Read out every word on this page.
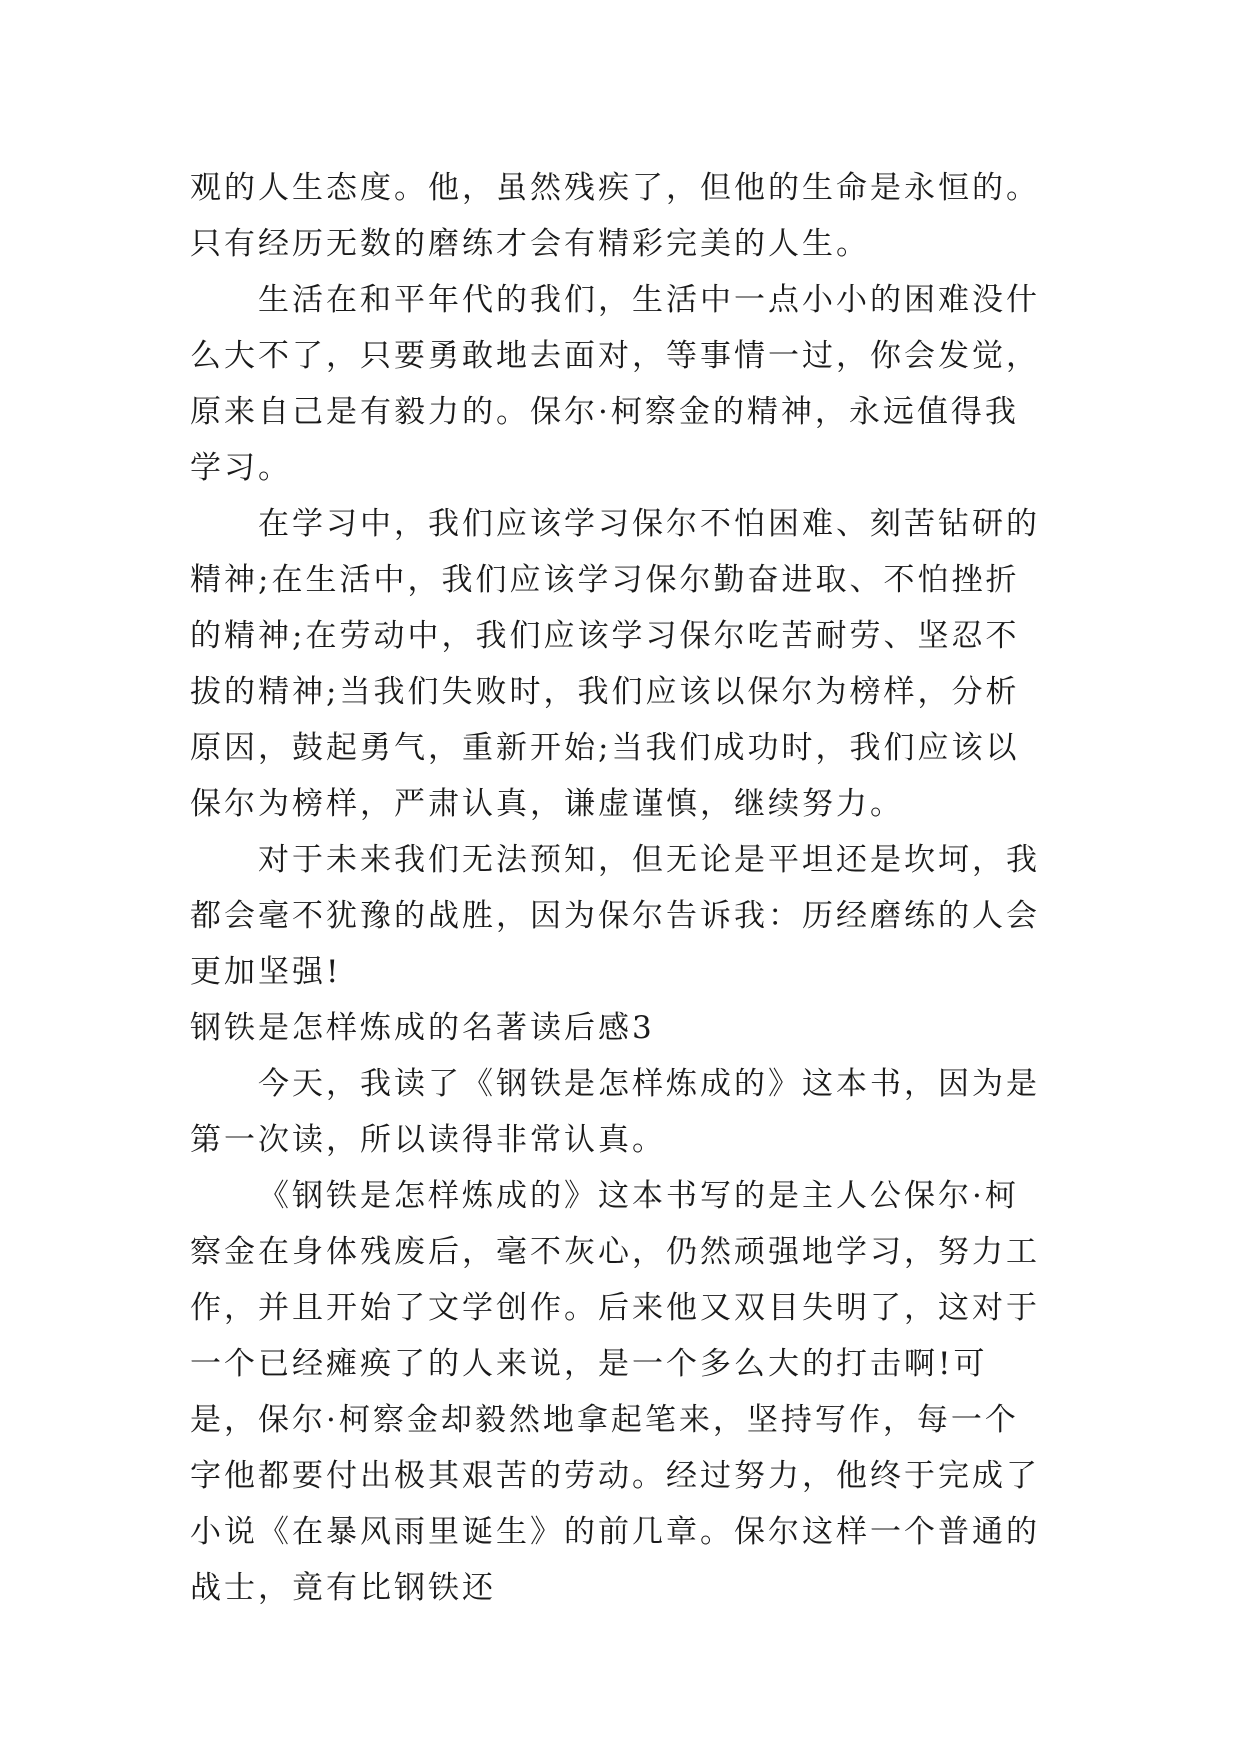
观的人生态度。他，虽然残疾了，但他的生命是永恒的。只有经历无数的磨练才会有精彩完美的人生。

生活在和平年代的我们，生活中一点小小的困难没什么大不了，只要勇敢地去面对，等事情一过，你会发觉，原来自己是有毅力的。保尔·柯察金的精神，永远值得我学习。

在学习中，我们应该学习保尔不怕困难、刻苦钻研的精神;在生活中，我们应该学习保尔勤奋进取、不怕挫折的精神;在劳动中，我们应该学习保尔吃苦耐劳、坚忍不拔的精神;当我们失败时，我们应该以保尔为榜样，分析原因，鼓起勇气，重新开始;当我们成功时，我们应该以保尔为榜样，严肃认真，谦虚谨慎，继续努力。

对于未来我们无法预知，但无论是平坦还是坎坷，我都会毫不犹豫的战胜，因为保尔告诉我：历经磨练的人会更加坚强!

钢铁是怎样炼成的名著读后感3

今天，我读了《钢铁是怎样炼成的》这本书，因为是第一次读，所以读得非常认真。

《钢铁是怎样炼成的》这本书写的是主人公保尔·柯察金在身体残废后，毫不灰心，仍然顽强地学习，努力工作，并且开始了文学创作。后来他又双目失明了，这对于一个已经瘫痪了的人来说，是一个多么大的打击啊!可是，保尔·柯察金却毅然地拿起笔来，坚持写作，每一个字他都要付出极其艰苦的劳动。经过努力，他终于完成了小说《在暴风雨里诞生》的前几章。保尔这样一个普通的战士，竟有比钢铁还
